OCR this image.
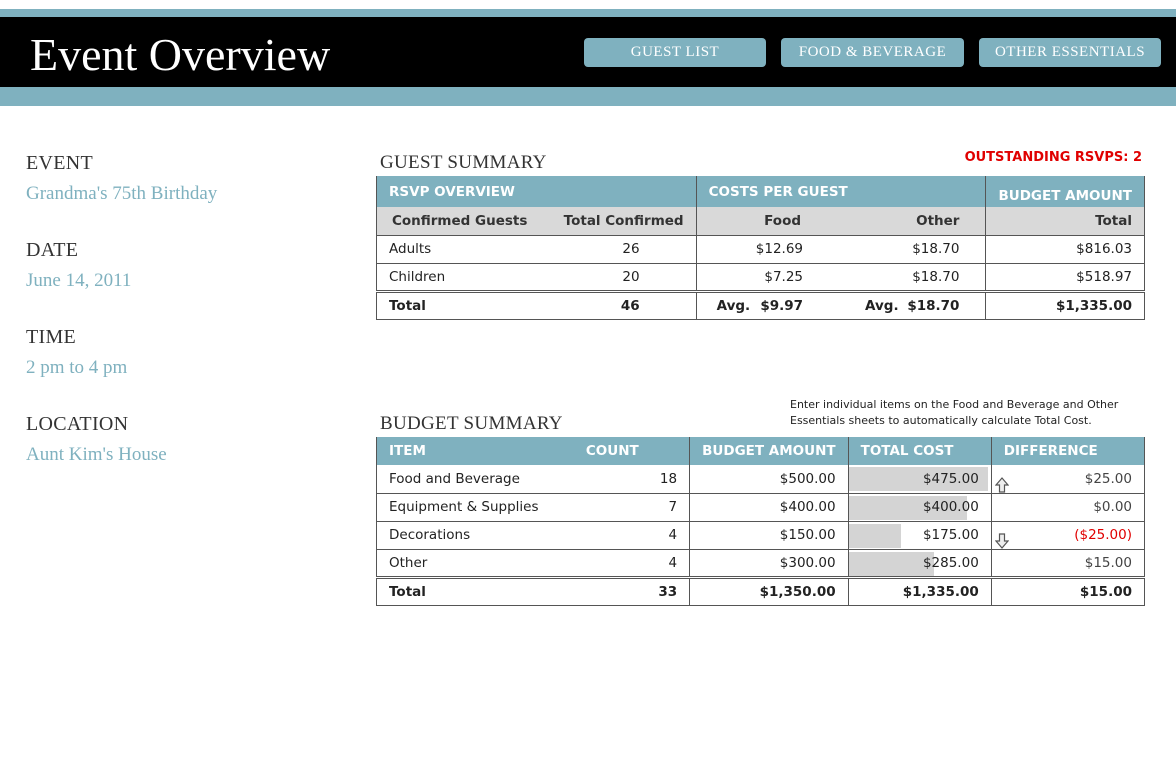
Event Overview	GUEST LIST	FOOD & BEVERAGE	OTHER ESSENTIALS
EVENT
Grandma's 75th Birthday
DATE
June 14, 2011
TIME
2 pm to 4 pm
LOCATION
Aunt Kim's House
GUEST SUMMARY	OUTSTANDING RSVPS: 2
RSVP OVERVIEW		COSTS PER GUEST		BUDGET AMOUNT
Confirmed Guests	Total Confirmed	Food	Other	Total
Adults	26	$12.69	$18.70	$816.03
Children	20	$7.25	$18.70	$518.97
Total	46	Avg. $9.97	Avg. $18.70	$1,335.00
BUDGET SUMMARY
Enter individual items on the Food and Beverage and Other Essentials sheets to automatically calculate Total Cost.
ITEM	COUNT	BUDGET AMOUNT	TOTAL COST	DIFFERENCE
Food and Beverage	18	$500.00	$475.00	$25.00
Equipment & Supplies	7	$400.00	$400.00	$0.00
Decorations	4	$150.00	$175.00	($25.00)
Other	4	$300.00	$285.00	$15.00
Total	33	$1,350.00	$1,335.00	$15.00
